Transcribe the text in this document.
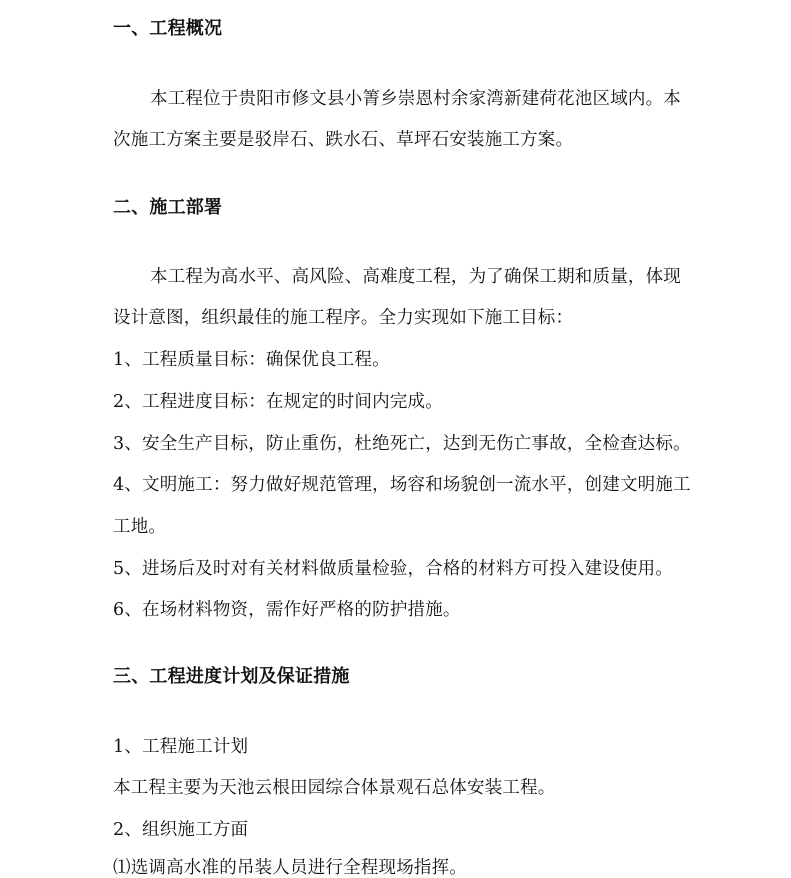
一、工程概况
本工程位于贵阳市修文县小箐乡崇恩村余家湾新建荷花池区域内。本
次施工方案主要是驳岸石、跌水石、草坪石安装施工方案。
二、施工部署
本工程为高水平、高风险、高难度工程，为了确保工期和质量，体现
设计意图，组织最佳的施工程序。全力实现如下施工目标：
1、工程质量目标：确保优良工程。
2、工程进度目标：在规定的时间内完成。
3、安全生产目标，防止重伤，杜绝死亡，达到无伤亡事故，全检查达标。
4、文明施工：努力做好规范管理，场容和场貌创一流水平，创建文明施工
工地。
5、进场后及时对有关材料做质量检验，合格的材料方可投入建设使用。
6、在场材料物资，需作好严格的防护措施。
三、工程进度计划及保证措施
1、工程施工计划
本工程主要为天池云根田园综合体景观石总体安装工程。
2、组织施工方面
⑴选调高水准的吊装人员进行全程现场指挥。
